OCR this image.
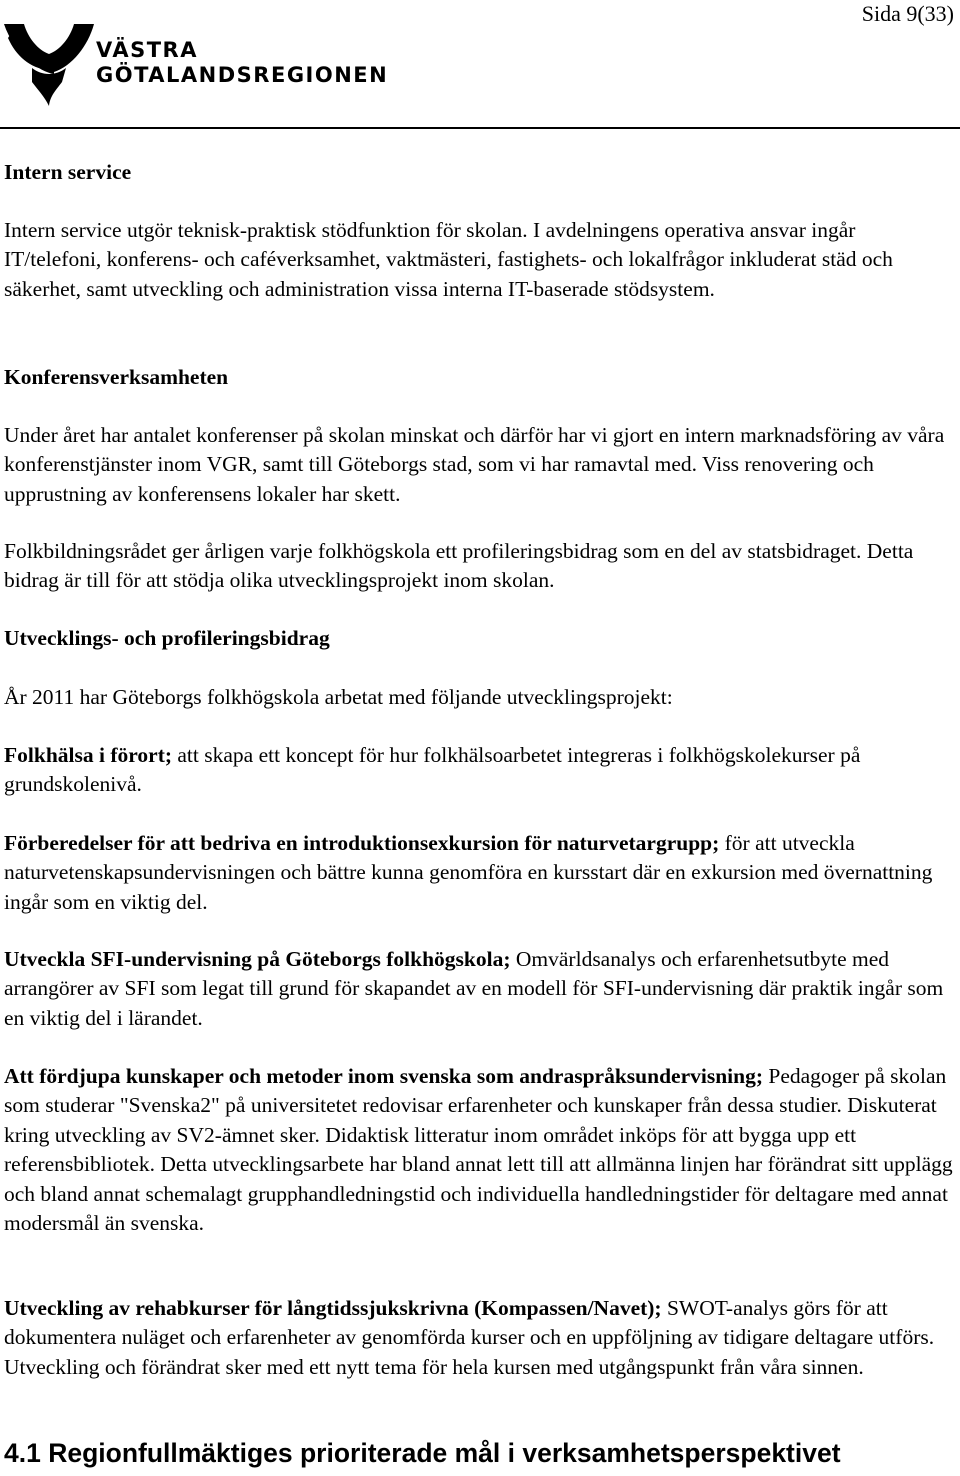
Sida 9(33)
VÄSTRA
GÖTALANDSREGIONEN
Intern service
Intern service utgör teknisk-praktisk stödfunktion för skolan. I avdelningens operativa ansvar ingår IT/telefoni, konferens- och caféverksamhet, vaktmästeri, fastighets- och lokalfrågor inkluderat städ och säkerhet, samt utveckling och administration vissa interna IT-baserade stödsystem.
Konferensverksamheten
Under året har antalet konferenser på skolan minskat och därför har vi gjort en intern marknadsföring av våra konferenstjänster inom VGR, samt till Göteborgs stad, som vi har ramavtal med. Viss renovering och upprustning av konferensens lokaler har skett.
Folkbildningsrådet ger årligen varje folkhögskola ett profileringsbidrag som en del av statsbidraget. Detta bidrag är till för att stödja olika utvecklingsprojekt inom skolan.
Utvecklings- och profileringsbidrag
År 2011 har Göteborgs folkhögskola arbetat med följande utvecklingsprojekt:
Folkhälsa i förort; att skapa ett koncept för hur folkhälsoarbetet integreras i folkhögskolekurser på grundskolenivå.
Förberedelser för att bedriva en introduktionsexkursion för naturvetargrupp; för att utveckla naturvetenskapsundervisningen och bättre kunna genomföra en kursstart där en exkursion med övernattning ingår som en viktig del.
Utveckla SFI-undervisning på Göteborgs folkhögskola; Omvärldsanalys och erfarenhetsutbyte med arrangörer av SFI som legat till grund för skapandet av en modell för SFI-undervisning där praktik ingår som en viktig del i lärandet.
Att fördjupa kunskaper och metoder inom svenska som andraspråksundervisning; Pedagoger på skolan som studerar "Svenska2" på universitetet redovisar erfarenheter och kunskaper från dessa studier. Diskuterat kring utveckling av SV2-ämnet sker. Didaktisk litteratur inom området inköps för att bygga upp ett referensbibliotek. Detta utvecklingsarbete har bland annat lett till att allmänna linjen har förändrat sitt upplägg och bland annat schemalagt grupphandledningstid och individuella handledningstider för deltagare med annat modersmål än svenska.
Utveckling av rehabkurser för långtidssjukskrivna (Kompassen/Navet); SWOT-analys görs för att dokumentera nuläget och erfarenheter av genomförda kurser och en uppföljning av tidigare deltagare utförs. Utveckling och förändrat sker med ett nytt tema för hela kursen med utgångspunkt från våra sinnen.
4.1 Regionfullmäktiges prioriterade mål i verksamhetsperspektivet
